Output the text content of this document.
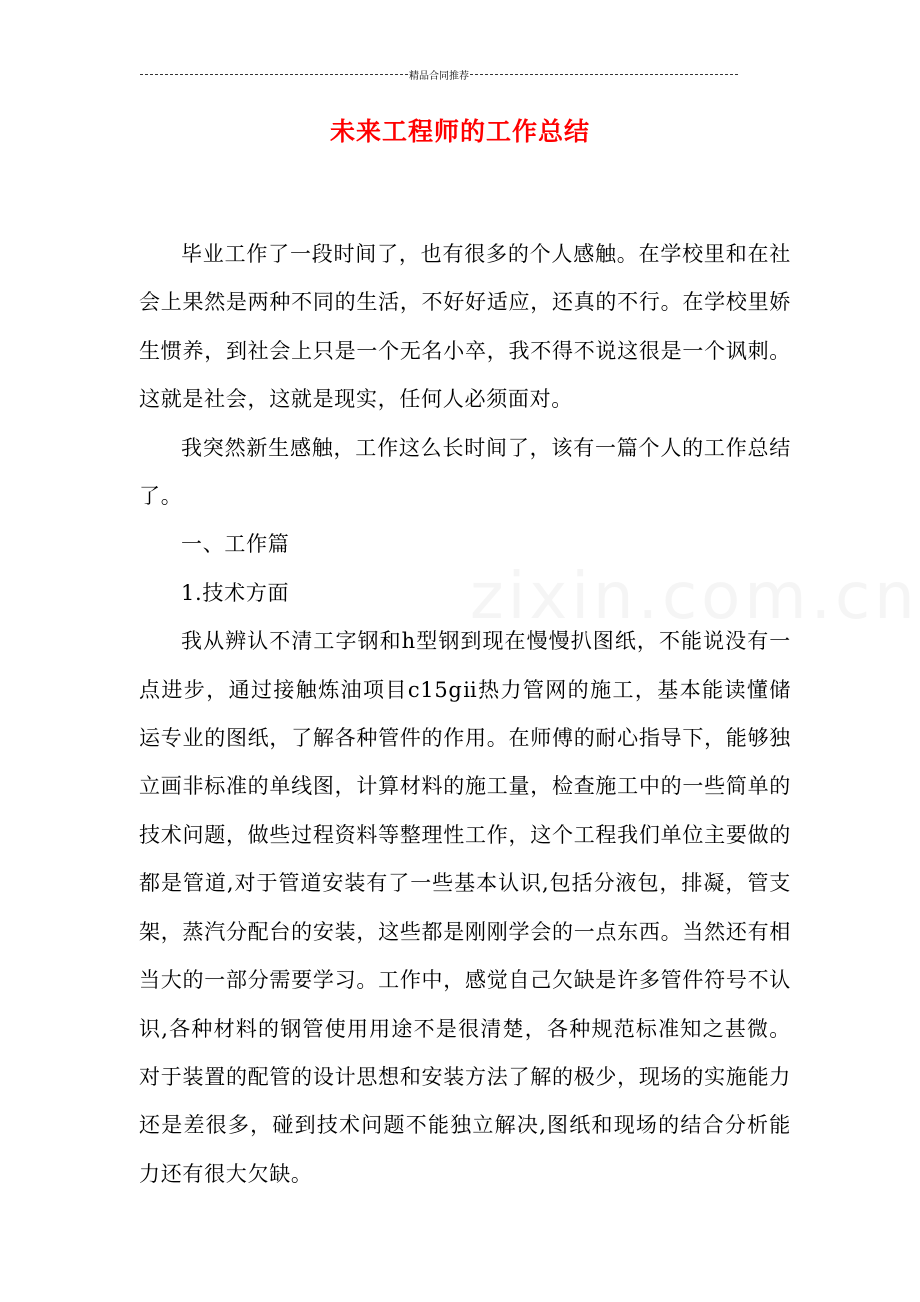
精品合同推荐
未来工程师的工作总结
zixin.com.cn

毕业工作了一段时间了，也有很多的个人感触。在学校里和在社会上果然是两种不同的生活，不好好适应，还真的不行。在学校里娇生惯养，到社会上只是一个无名小卒，我不得不说这很是一个讽刺。这就是社会，这就是现实，任何人必须面对。

我突然新生感触，工作这么长时间了，该有一篇个人的工作总结了。

一、工作篇

1.技术方面

我从辨认不清工字钢和h型钢到现在慢慢扒图纸，不能说没有一点进步，通过接触炼油项目c15gⅱ热力管网的施工，基本能读懂储运专业的图纸，了解各种管件的作用。在师傅的耐心指导下，能够独立画非标准的单线图，计算材料的施工量，检查施工中的一些简单的技术问题，做些过程资料等整理性工作，这个工程我们单位主要做的都是管道,对于管道安装有了一些基本认识,包括分液包，排凝，管支架，蒸汽分配台的安装，这些都是刚刚学会的一点东西。当然还有相当大的一部分需要学习。工作中，感觉自己欠缺是许多管件符号不认识,各种材料的钢管使用用途不是很清楚，各种规范标准知之甚微。对于装置的配管的设计思想和安装方法了解的极少，现场的实施能力还是差很多，碰到技术问题不能独立解决,图纸和现场的结合分析能力还有很大欠缺。
